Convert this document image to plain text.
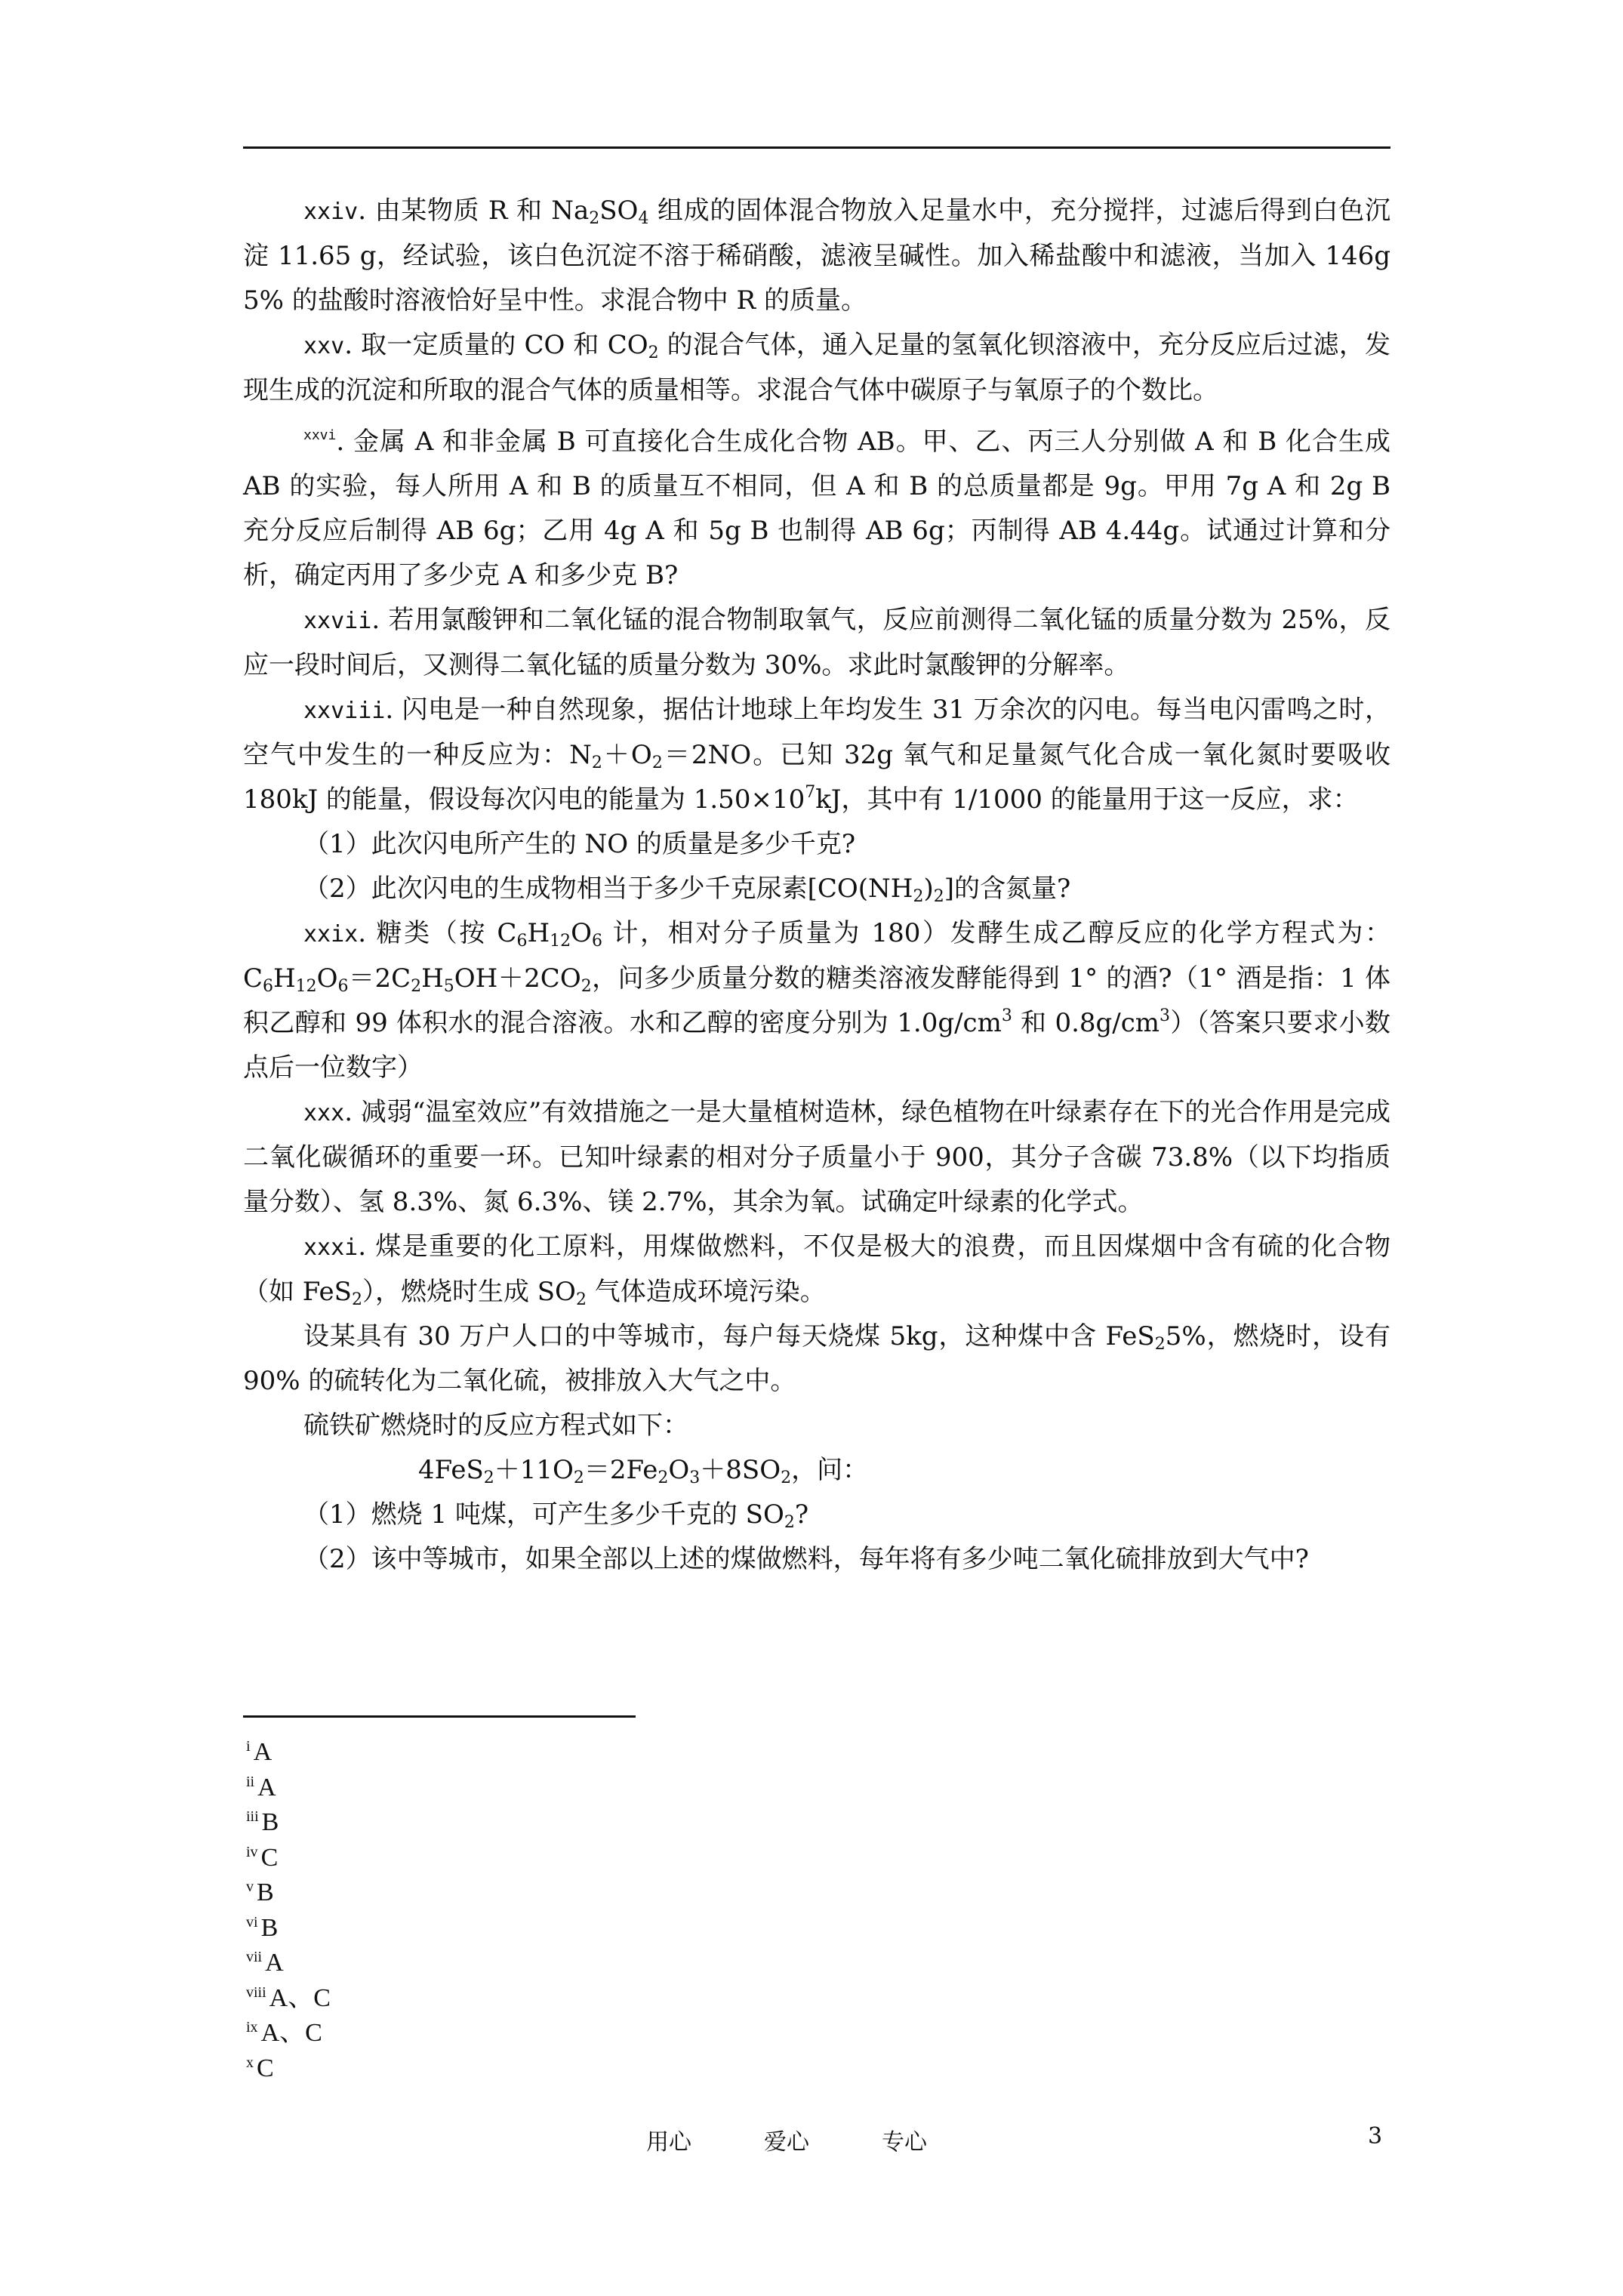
xxiv. 由某物质 R 和 $Na_2SO_4$ 组成的固体混合物放入足量水中，充分搅拌，过滤后得到白色沉淀 11.65 g，经试验，该白色沉淀不溶于稀硝酸，滤液呈碱性。加入稀盐酸中和滤液，当加入 146g 5% 的盐酸时溶液恰好呈中性。求混合物中 R 的质量。

xxv. 取一定质量的 CO 和 $CO_2$ 的混合气体，通入足量的氢氧化钡溶液中，充分反应后过滤，发现生成的沉淀和所取的混合气体的质量相等。求混合气体中碳原子与氧原子的个数比。

$^{xxvi}$. 金属 A 和非金属 B 可直接化合生成化合物 AB。甲、乙、丙三人分别做 A 和 B 化合生成 AB 的实验，每人所用 A 和 B 的质量互不相同，但 A 和 B 的总质量都是 9g。甲用 7g A 和 2g B 充分反应后制得 AB 6g；乙用 4g A 和 5g B 也制得 AB 6g；丙制得 AB 4.44g。试通过计算和分析，确定丙用了多少克 A 和多少克 B?

xxvii. 若用氯酸钾和二氧化锰的混合物制取氧气，反应前测得二氧化锰的质量分数为 25%，反应一段时间后，又测得二氧化锰的质量分数为 30%。求此时氯酸钾的分解率。

xxviii. 闪电是一种自然现象，据估计地球上年均发生 31 万余次的闪电。每当电闪雷鸣之时，空气中发生的一种反应为：$N_2+O_2=2NO$。已知 32g 氧气和足量氮气化合成一氧化氮时要吸收 180kJ 的能量，假设每次闪电的能量为 $1.50\times 10^7kJ$，其中有 1/1000 的能量用于这一反应，求：

（1）此次闪电所产生的 NO 的质量是多少千克?

（2）此次闪电的生成物相当于多少千克尿素$[CO(NH_2)_2]$的含氮量?

xxix. 糖类（按 $C_6H_{12}O_6$ 计，相对分子质量为 180）发酵生成乙醇反应的化学方程式为：$C_6H_{12}O_6=2C_2H_5OH+2CO_2$，问多少质量分数的糖类溶液发酵能得到 1° 的酒?（1° 酒是指：1 体积乙醇和 99 体积水的混合溶液。水和乙醇的密度分别为 $1.0g/cm^3$ 和 $0.8g/cm^3$）（答案只要求小数点后一位数字）

xxx. 减弱“温室效应”有效措施之一是大量植树造林，绿色植物在叶绿素存在下的光合作用是完成二氧化碳循环的重要一环。已知叶绿素的相对分子质量小于 900，其分子含碳 73.8%（以下均指质量分数）、氢 8.3%、氮 6.3%、镁 2.7%，其余为氧。试确定叶绿素的化学式。

xxxi. 煤是重要的化工原料，用煤做燃料，不仅是极大的浪费，而且因煤烟中含有硫的化合物（如 FeS$_2$），燃烧时生成 $SO_2$ 气体造成环境污染。

设某具有 30 万户人口的中等城市，每户每天烧煤 5kg，这种煤中含 FeS$_2$5%，燃烧时，设有 90% 的硫转化为二氧化硫，被排放入大气之中。

硫铁矿燃烧时的反应方程式如下：

$4FeS_2+11O_2=2Fe_2O_3+8SO_2$，问：

（1）燃烧 1 吨煤，可产生多少千克的 $SO_2$?

（2）该中等城市，如果全部以上述的煤做燃料，每年将有多少吨二氧化硫排放到大气中?

$^i$ A
$^{ii}$ A
$^{iii}$ B
$^{iv}$ C
$^v$ B
$^{vi}$ B
$^{vii}$ A
$^{viii}$ A、C
$^{ix}$ A、C
$^x$ C
用心	爱心	专心	3
